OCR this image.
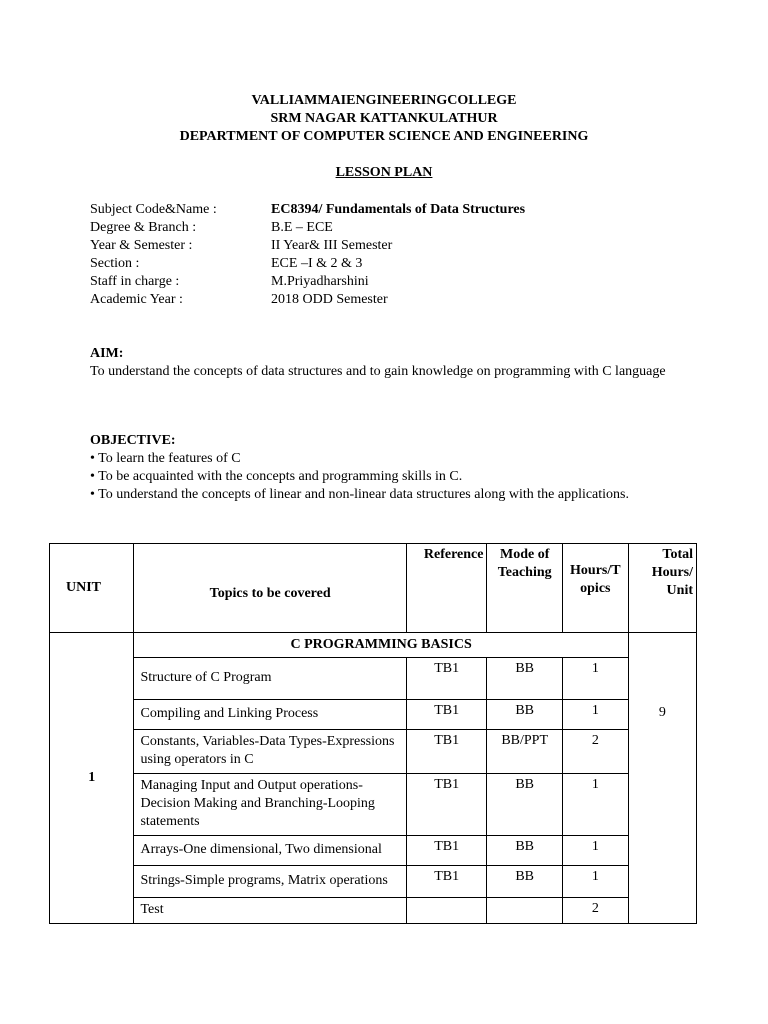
VALLIAMMAIENGINEERINGCOLLEGE
SRM NAGAR KATTANKULATHUR
DEPARTMENT OF COMPUTER SCIENCE AND ENGINEERING
LESSON PLAN
Subject Code&Name :	EC8394/ Fundamentals of Data Structures
Degree & Branch :	B.E – ECE
Year & Semester :	II Year& III Semester
Section :	ECE –I & 2 & 3
Staff in charge :	M.Priyadharshini
Academic Year :	2018 ODD Semester
AIM:
To understand the concepts of data structures and to gain knowledge on programming with C language
OBJECTIVE:
• To learn the features of C
• To be acquainted with the concepts and programming skills in C.
• To understand the concepts of linear and non-linear data structures along with the applications.
UNIT	Topics to be covered	Reference	Mode of Teaching	Hours/T opics	Total Hours/ Unit
1	C PROGRAMMING BASICS				9
	Structure of C Program	TB1	BB	1	
	Compiling and Linking Process	TB1	BB	1	
	Constants, Variables-Data Types-Expressions using operators in C	TB1	BB/PPT	2	
	Managing Input and Output operations-Decision Making and Branching-Looping statements	TB1	BB	1	
	Arrays-One dimensional, Two dimensional	TB1	BB	1	
	Strings-Simple programs, Matrix operations	TB1	BB	1	
	Test			2	
